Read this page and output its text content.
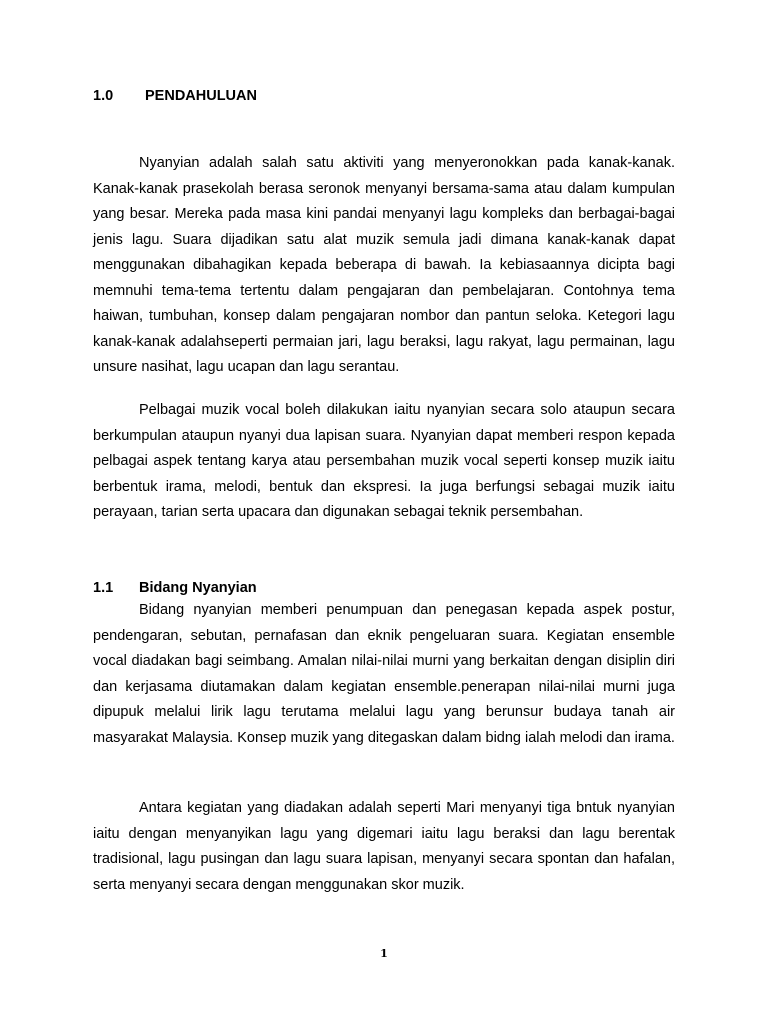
1.0 PENDAHULUAN

Nyanyian adalah salah satu aktiviti yang menyeronokkan pada kanak-kanak. Kanak-kanak prasekolah berasa seronok menyanyi bersama-sama atau dalam kumpulan yang besar. Mereka pada masa kini pandai menyanyi lagu kompleks dan berbagai-bagai jenis lagu. Suara dijadikan satu alat muzik semula jadi dimana kanak-kanak dapat menggunakan dibahagikan kepada beberapa di bawah. Ia kebiasaannya dicipta bagi memnuhi tema-tema tertentu dalam pengajaran dan pembelajaran. Contohnya tema haiwan, tumbuhan, konsep dalam pengajaran nombor dan pantun seloka. Ketegori lagu kanak-kanak adalahseperti permaian jari, lagu beraksi, lagu rakyat, lagu permainan, lagu unsure nasihat, lagu ucapan dan lagu serantau.

Pelbagai muzik vocal boleh dilakukan iaitu nyanyian secara solo ataupun secara berkumpulan ataupun nyanyi dua lapisan suara. Nyanyian dapat memberi respon kepada pelbagai aspek tentang karya atau persembahan muzik vocal seperti konsep muzik iaitu berbentuk irama, melodi, bentuk dan ekspresi. Ia juga berfungsi sebagai muzik iaitu perayaan, tarian serta upacara dan digunakan sebagai teknik persembahan.

1.1 Bidang Nyanyian

Bidang nyanyian memberi penumpuan dan penegasan kepada aspek postur, pendengaran, sebutan, pernafasan dan eknik pengeluaran suara. Kegiatan ensemble vocal diadakan bagi seimbang. Amalan nilai-nilai murni yang berkaitan dengan disiplin diri dan kerjasama diutamakan dalam kegiatan ensemble.penerapan nilai-nilai murni juga dipupuk melalui lirik lagu terutama melalui lagu yang berunsur budaya tanah air masyarakat Malaysia. Konsep muzik yang ditegaskan dalam bidng ialah melodi dan irama.

Antara kegiatan yang diadakan adalah seperti Mari menyanyi tiga bntuk nyanyian iaitu dengan menyanyikan lagu yang digemari iaitu lagu beraksi dan lagu berentak tradisional, lagu pusingan dan lagu suara lapisan, menyanyi secara spontan dan hafalan, serta menyanyi secara dengan menggunakan skor muzik.

1
